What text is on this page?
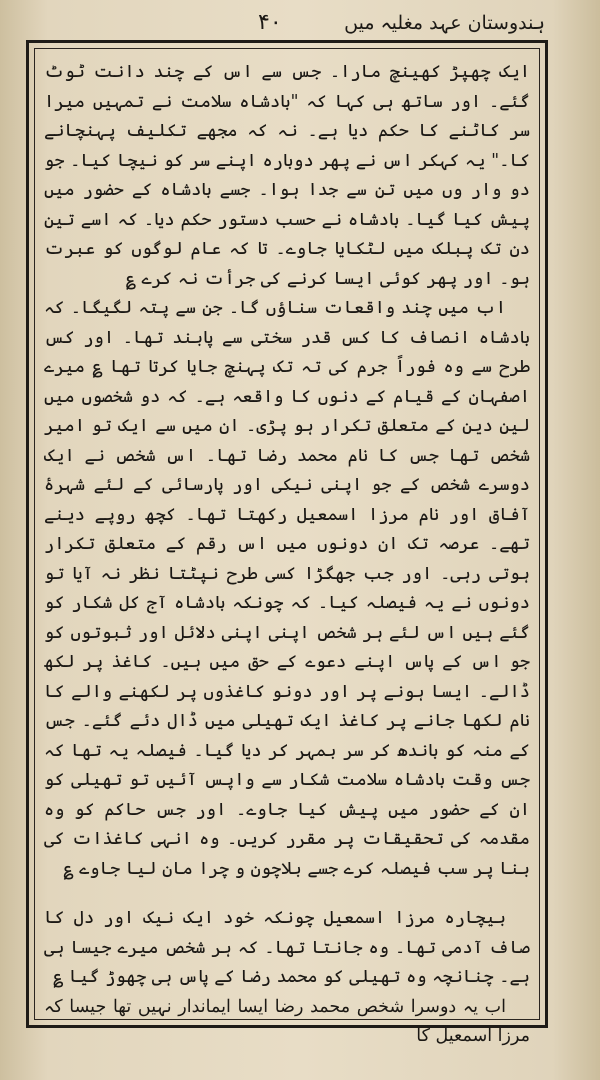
ہندوستان عہد مغلیہ میں
۴۰

ایک چھپڑ کھینچ مارا۔ جس سے اس کے چند دانت ٹوٹ گئے۔ اور ساتھ ہی کہا کہ "بادشاہ سلامت نے تمہیں میرا سر کاٹنے کا حکم دیا ہے۔ نہ کہ مجھے تکلیف پہنچانے کا۔" یہ کہکر اس نے پھر دوبارہ اپنے سر کو نیچا کیا۔ جو دو وار وں میں تن سے جدا ہوا۔ جسے بادشاہ کے حضور میں پیش کیا گیا۔ بادشاہ نے حسب دستور حکم دیا۔ کہ اسے تین دن تک پبلک میں لٹکایا جاوے۔ تا کہ عام لوگوں کو عبرت ہو۔ اور پھر کوئی ایسا کرنے کی جرأت نہ کرے ؏

اب میں چند واقعات سناؤں گا۔ جن سے پتہ لگیگا۔ کہ بادشاہ انصاف کا کس قدر سختی سے پابند تھا۔ اور کس طرح سے وہ فوراً جرم کی تہ تک پہنچ جایا کرتا تھا ؏ میرے اصفہان کے قیام کے دنوں کا واقعہ ہے۔ کہ دو شخصوں میں لین دین کے متعلق تکرار ہو پڑی۔ ان میں سے ایک تو امیر شخص تھا جس کا نام محمد رضا تھا۔ اس شخص نے ایک دوسرے شخص کے جو اپنی نیکی اور پارسائی کے لئے شہرۂ آفاق اور نام مرزا اسمعیل رکھتا تھا۔ کچھ روپے دینے تھے۔ عرصہ تک ان دونوں میں اس رقم کے متعلق تکرار ہوتی رہی۔ اور جب جھگڑا کسی طرح نپٹتا نظر نہ آیا تو دونوں نے یہ فیصلہ کیا۔ کہ چونکہ بادشاہ آج کل شکار کو گئے ہیں اس لئے ہر شخص اپنی اپنی دلائل اور ثبوتوں کو جو اس کے پاس اپنے دعوے کے حق میں ہیں۔ کاغذ پر لکھ ڈالے۔ ایسا ہونے پر اور دونو کاغذوں پر لکھنے والے کا نام لکھا جانے پر کاغذ ایک تھیلی میں ڈال دئے گئے۔ جس کے منہ کو باندھ کر سر بمہر کر دیا گیا۔ فیصلہ یہ تھا کہ جس وقت بادشاہ سلامت شکار سے واپس آئیں تو تھیلی کو ان کے حضور میں پیش کیا جاوے۔ اور جس حاکم کو وہ مقدمہ کی تحقیقات پر مقرر کریں۔ وہ انہی کاغذات کی بنا پر سب فیصلہ کرے جسے بلاچون و چرا مان لیا جاوے ؏

بیچارہ مرزا اسمعیل چونکہ خود ایک نیک اور دل کا صاف آدمی تھا۔ وہ جانتا تھا۔ کہ ہر شخص میرے جیسا ہی ہے۔ چنانچہ وہ تھیلی کو محمد رضا کے پاس ہی چھوڑ گیا ؏

اب یہ دوسرا شخص محمد رضا ایسا ایماندار نہیں تھا جیسا کہ مرزا اسمعیل کا
